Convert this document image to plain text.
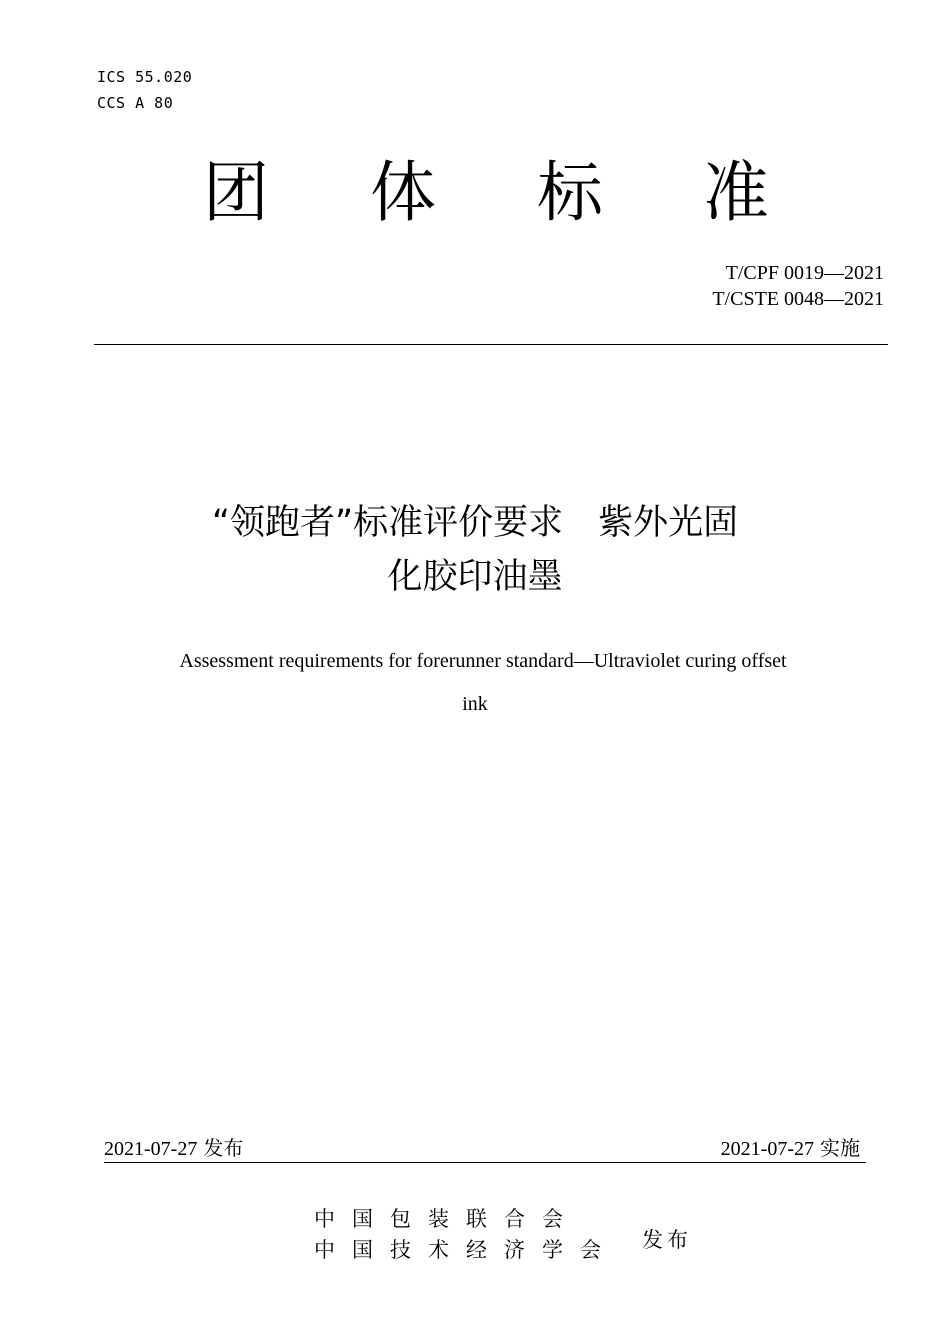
ICS 55.020
CCS A 80
团 体 标 准
T/CPF 0019—2021
T/CSTE 0048—2021
“领跑者”标准评价要求　紫外光固
化胶印油墨
Assessment requirements for forerunner standard—Ultraviolet curing offset
ink
2021-07-27 发布	2021-07-27 实施
中国包装联合会
中国技术经济学会 发布
